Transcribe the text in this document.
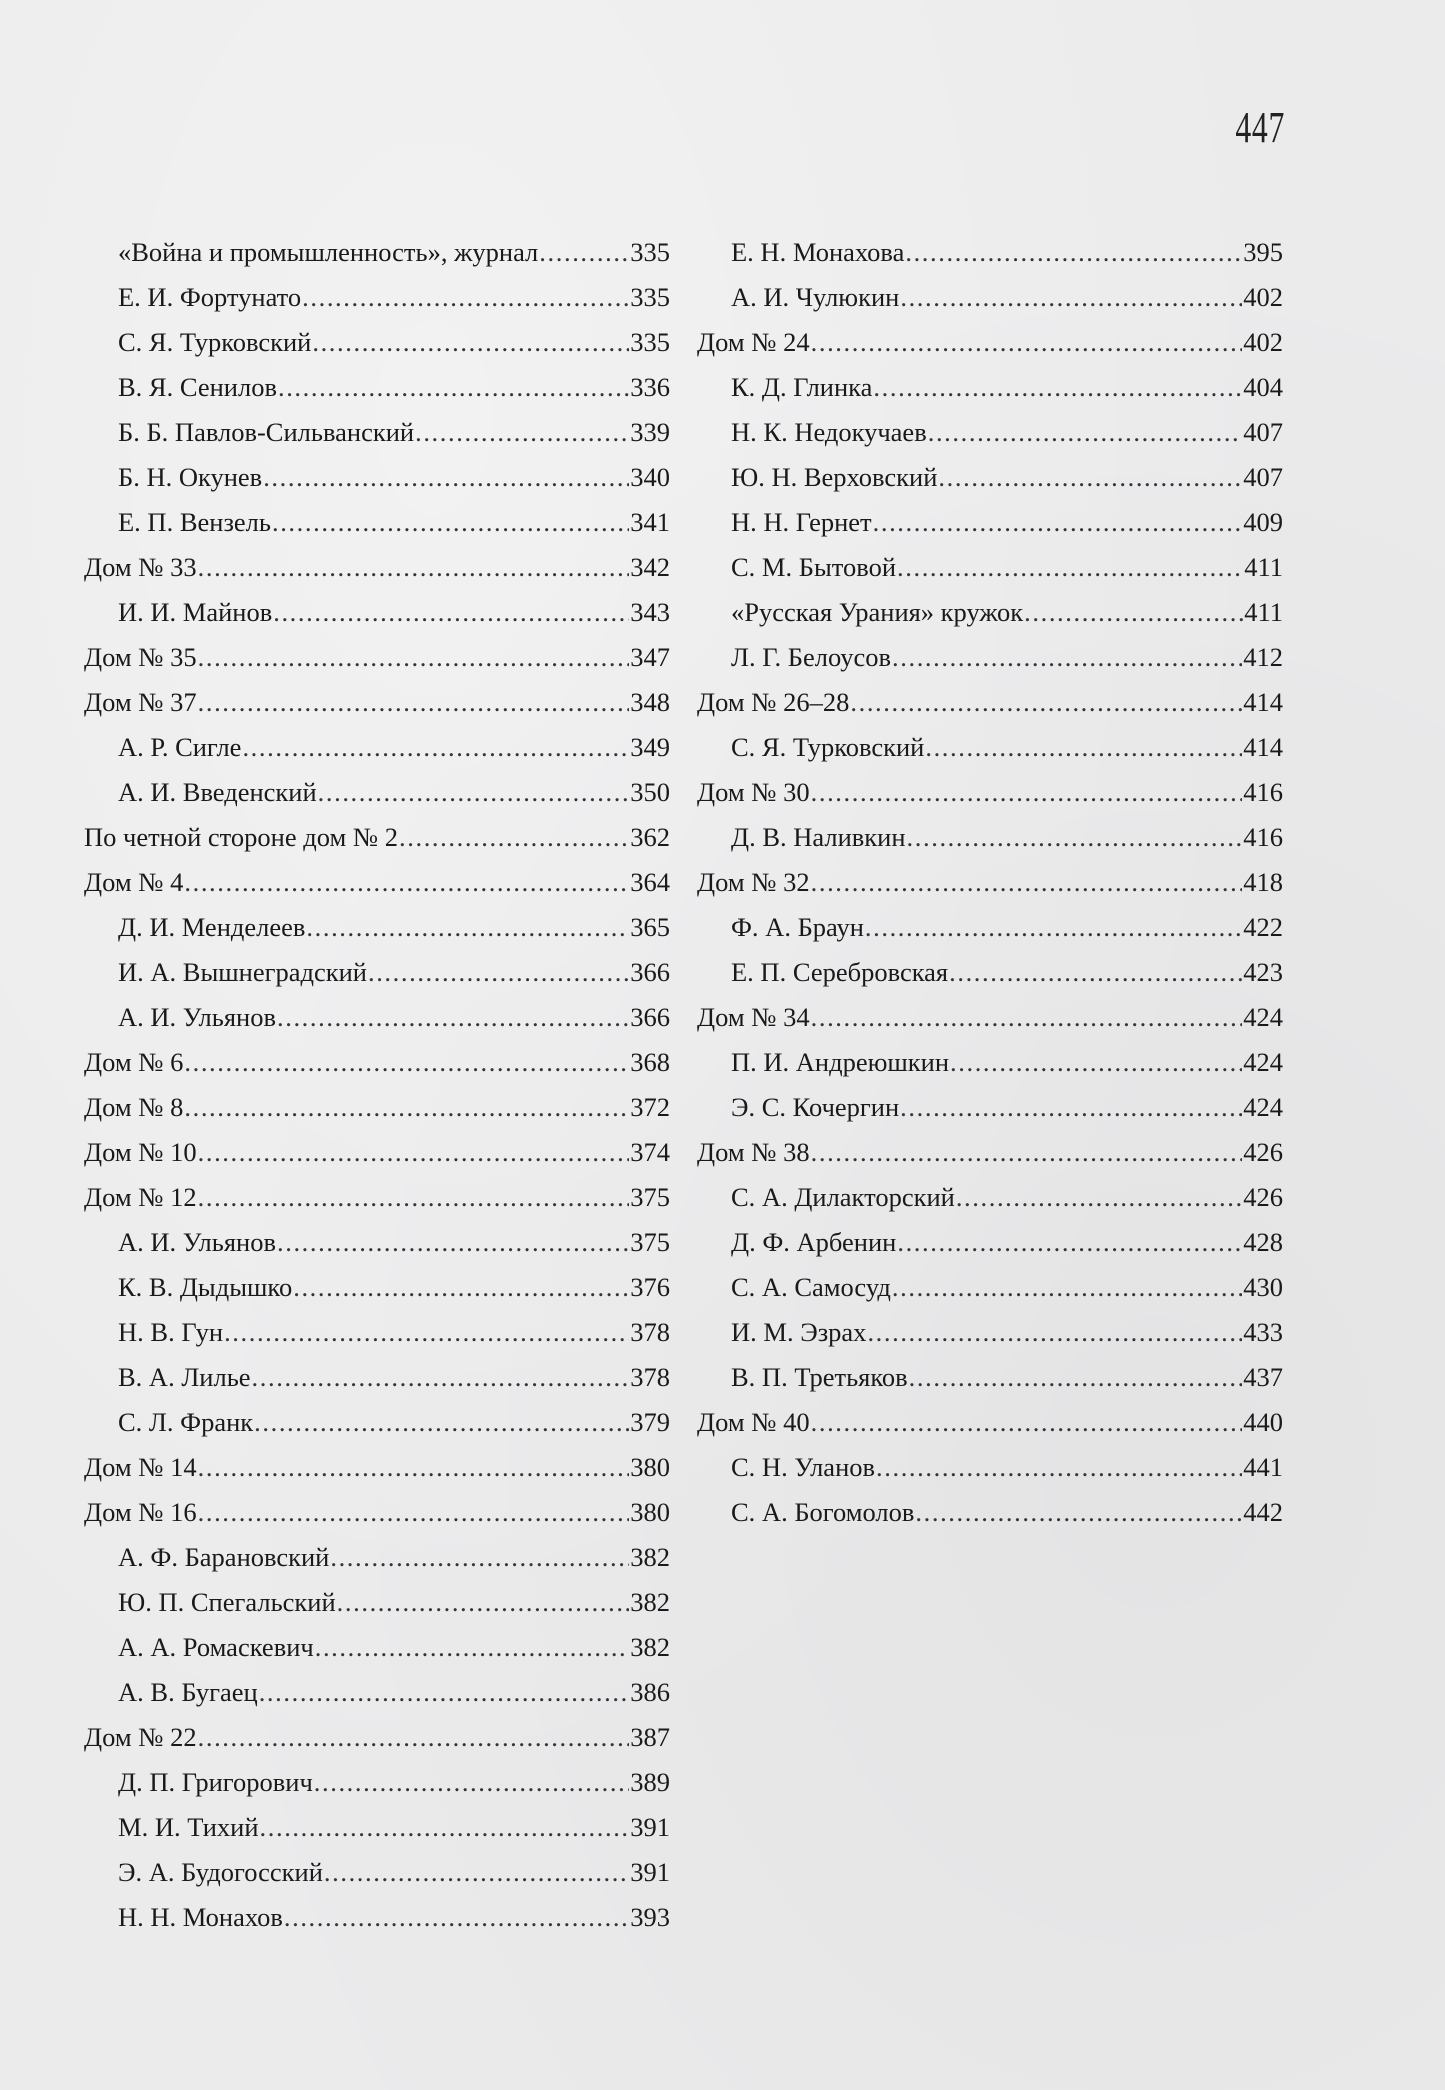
447
«Война и промышленность», журнал .....	335
Е. И. Фортунато .....	335
С. Я. Турковский .....	335
В. Я. Сенилов .....	336
Б. Б. Павлов-Сильванский .....	339
Б. Н. Окунев .....	340
Е. П. Вензель .....	341
Дом № 33 .....	342
И. И. Майнов .....	343
Дом № 35 .....	347
Дом № 37 .....	348
А. Р. Сигле .....	349
А. И. Введенский .....	350
По четной стороне дом № 2 .....	362
Дом № 4 .....	364
Д. И. Менделеев .....	365
И. А. Вышнеградский .....	366
А. И. Ульянов .....	366
Дом № 6 .....	368
Дом № 8 .....	372
Дом № 10 .....	374
Дом № 12 .....	375
А. И. Ульянов .....	375
К. В. Дыдышко .....	376
Н. В. Гун .....	378
В. А. Лилье .....	378
С. Л. Франк .....	379
Дом № 14 .....	380
Дом № 16 .....	380
А. Ф. Барановский .....	382
Ю. П. Спегальский .....	382
А. А. Ромаскевич .....	382
А. В. Бугаец .....	386
Дом № 22 .....	387
Д. П. Григорович .....	389
М. И. Тихий .....	391
Э. А. Будогосский .....	391
Н. Н. Монахов .....	393
Е. Н. Монахова .....	395
А. И. Чулюкин .....	402
Дом № 24 .....	402
К. Д. Глинка .....	404
Н. К. Недокучаев .....	407
Ю. Н. Верховский .....	407
Н. Н. Гернет .....	409
С. М. Бытовой .....	411
«Русская Урания» кружок .....	411
Л. Г. Белоусов .....	412
Дом № 26–28 .....	414
С. Я. Турковский .....	414
Дом № 30 .....	416
Д. В. Наливкин .....	416
Дом № 32 .....	418
Ф. А. Браун .....	422
Е. П. Серебровская .....	423
Дом № 34 .....	424
П. И. Андреюшкин .....	424
Э. С. Кочергин .....	424
Дом № 38 .....	426
С. А. Дилакторский .....	426
Д. Ф. Арбенин .....	428
С. А. Самосуд .....	430
И. М. Эзрах .....	433
В. П. Третьяков .....	437
Дом № 40 .....	440
С. Н. Уланов .....	441
С. А. Богомолов .....	442
